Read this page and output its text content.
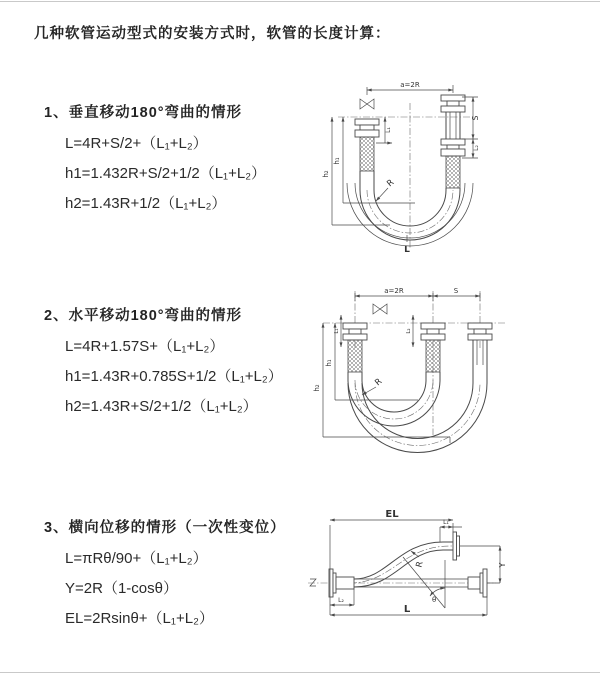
几种软管运动型式的安装方式时，软管的长度计算：
1、垂直移动180°弯曲的情形
L=4R+S/2+（L₁+L₂）
h1=1.432R+S/2+1/2（L₁+L₂）
h2=1.43R+1/2（L₁+L₂）
a=2R
h₁
h₂
L₁
S
L₂
R
L
2、水平移动180°弯曲的情形
L=4R+1.57S+（L₁+L₂）
h1=1.43R+0.785S+1/2（L₁+L₂）
h2=1.43R+S/2+1/2（L₁+L₂）
a=2R	S
h₁
h₂
L₁	L₂
R
3、横向位移的情形（一次性变位）
L=πRθ/90+（L₁+L₂）
Y=2R（1-cosθ）
EL=2Rsinθ+（L₁+L₂）
θ
EL
L₁
Y
R
L
L₂
